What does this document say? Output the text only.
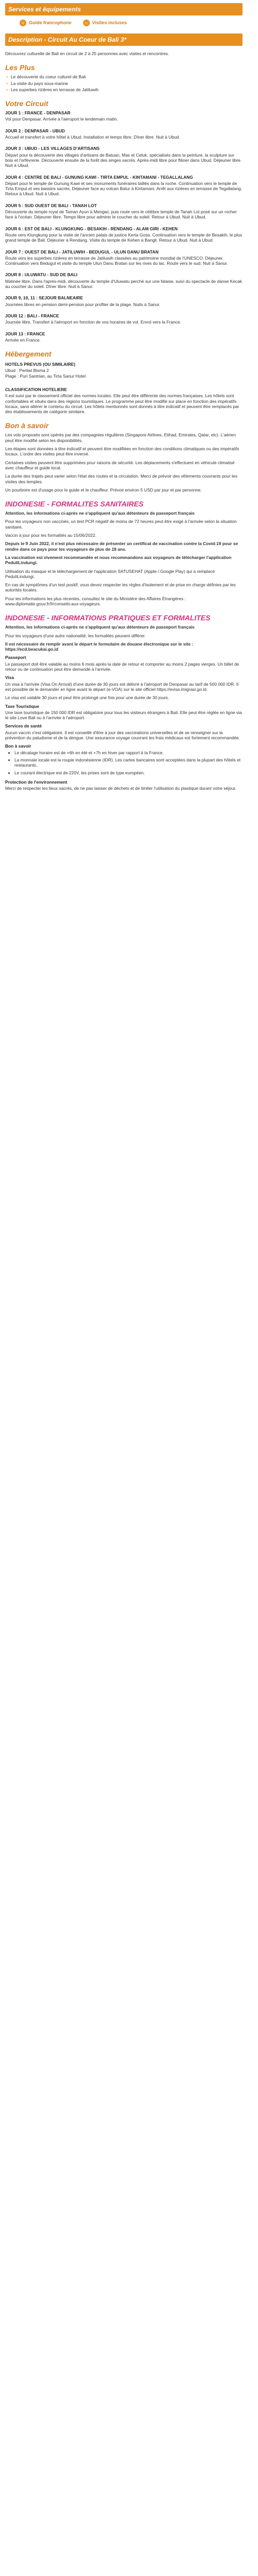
Services et équipements
☺ Guide francophone	⌂ Visites incluses
Description - Circuit Au Coeur de Bali 3*

Découvrez culturelle de Bali en circuit de 2 à 25 personnes avec visites et rencontres.

Les Plus
• Le découverte du coeur culturel de Bali
• La visite du pays sous-marine
• Les superbes rizières en terrasse de Jatiluwih
Votre Circuit
JOUR 1 : FRANCE - DENPASAR
Vol pour Denpasar. Arrivée à l'aéroport le lendemain matin.
JOUR 2 : DENPASAR - UBUD
Accueil et transfert à votre hôtel à Ubud. Installation et temps libre. Dîner libre. Nuit à Ubud.
JOUR 3 : UBUD - LES VILLAGES D'ARTISANS
Départ pour la découverte des villages d'artisans de Batuan, Mas et Celuk, spécialisés dans la peinture, la sculpture sur bois et l'orfèvrerie. Découverte ensuite de la forêt des singes sacrés. Après-midi libre pour flâner dans Ubud. Déjeuner libre. Nuit à Ubud.
JOUR 4 : CENTRE DE BALI - GUNUNG KAWI - TIRTA EMPUL - KINTAMANI - TEGALLALANG
Départ pour le temple de Gunung Kawi et ses monuments funéraires taillés dans la roche. Continuation vers le temple de Tirta Empul et ses bassins sacrés. Déjeuner face au volcan Batur à Kintamani. Arrêt aux rizières en terrasse de Tegallalang. Retour à Ubud. Nuit à Ubud.
JOUR 5 : SUD OUEST DE BALI - TANAH LOT
Découverte du temple royal de Taman Ayun à Mengwi, puis route vers le célèbre temple de Tanah Lot posé sur un rocher face à l'océan. Déjeuner libre. Temps libre pour admirer le coucher du soleil. Retour à Ubud. Nuit à Ubud.
JOUR 6 : EST DE BALI - KLUNGKUNG - BESAKIH - RENDANG - ALAM GIRI - KEHEN
Route vers Klungkung pour la visite de l'ancien palais de justice Kerta Gosa. Continuation vers le temple de Besakih, le plus grand temple de Bali. Déjeuner à Rendang. Visite du temple de Kehen à Bangli. Retour à Ubud. Nuit à Ubud.
JOUR 7 : OUEST DE BALI - JATILUWIH - BEDUGUL - ULUN DANU BRATAN
Route vers les superbes rizières en terrasse de Jatiluwih classées au patrimoine mondial de l'UNESCO. Déjeuner. Continuation vers Bedugul et visite du temple Ulun Danu Bratan sur les rives du lac. Route vers le sud. Nuit à Sanur.
JOUR 8 : ULUWATU - SUD DE BALI
Matinée libre. Dans l'après-midi, découverte du temple d'Uluwatu perché sur une falaise, suivi du spectacle de danse Kecak au coucher du soleil. Dîner libre. Nuit à Sanur.
JOUR 9, 10, 11 : SEJOUR BALNEAIRE
Journées libres en pension demi-pension pour profiter de la plage. Nuits à Sanur.
JOUR 12 : BALI - FRANCE
Journée libre. Transfert à l'aéroport en fonction de vos horaires de vol. Envol vers la France.
JOUR 13 : FRANCE
Arrivée en France.
Hébergement
HOTELS PREVUS (OU SIMILAIRE)

Ubud : Pertiwi Bisma 2

Plage : Puri Santrian, au Tirta Sanur Hotel

CLASSIFICATION HOTELIERE

Il est suivi par le classement officiel des normes locales. Elle peut être différente des normes françaises. Les hôtels sont confortables et situés dans des régions touristiques. Le programme peut être modifié sur place en fonction des impératifs locaux, sans altérer le contenu du circuit. Les hôtels mentionnés sont donnés à titre indicatif et peuvent être remplacés par des établissements de catégorie similaire.

Bon à savoir

Les vols proposés sont opérés par des compagnies régulières (Singapore Airlines, Etihad, Emirates, Qatar, etc). L'aérien peut être modifié selon les disponibilités.

Les étapes sont données à titre indicatif et peuvent être modifiées en fonction des conditions climatiques ou des impératifs locaux. L'ordre des visites peut être inversé.

Certaines visites peuvent être supprimées pour raisons de sécurité. Les déplacements s'effectuent en véhicule climatisé avec chauffeur et guide local.

La durée des trajets peut varier selon l'état des routes et la circulation. Merci de prévoir des vêtements couvrants pour les visites des temples.

Un pourboire est d'usage pour le guide et le chauffeur. Prévoir environ 5 USD par jour et par personne.

INDONESIE - FORMALITES SANITAIRES

Attention, les informations ci-après ne s'appliquent qu'aux détenteurs de passeport français

Pour les voyageurs non vaccinés, un test PCR négatif de moins de 72 heures peut être exigé à l'arrivée selon la situation sanitaire.

Vaccin à jour pour les formalités au 15/06/2022.

Depuis le 9 Juin 2022, il n'est plus nécessaire de présenter un certificat de vaccination contre la Covid-19 pour se rendre dans ce pays pour les voyageurs de plus de 18 ans.

La vaccination est vivement recommandée et nous recommandons aux voyageurs de télécharger l'application PeduliLindungi.

Utilisation du masque et le téléchargement de l'application SATUSEHAT (Apple / Google Play) qui a remplacé PeduliLindungi.

En cas de symptômes d'un test positif, vous devez respecter les règles d'isolement et de prise en charge définies par les autorités locales.

Pour les informations les plus récentes, consultez le site du Ministère des Affaires Étrangères : www.diplomatie.gouv.fr/fr/conseils-aux-voyageurs.

INDONESIE - INFORMATIONS PRATIQUES ET FORMALITES

Attention, les informations ci-après ne s'appliquent qu'aux détenteurs de passeport français

Pour les voyageurs d'une autre nationalité, les formalités peuvent différer.

Il est nécessaire de remplir avant le départ le formulaire de douane électronique sur le site : https://ecd.beacukai.go.id

Passeport

Le passeport doit être valable au moins 6 mois après la date de retour et comporter au moins 2 pages vierges. Un billet de retour ou de continuation peut être demandé à l'arrivée.

Visa

Un visa à l'arrivée (Visa On Arrival) d'une durée de 30 jours est délivré à l'aéroport de Denpasar au tarif de 500 000 IDR. Il est possible de le demander en ligne avant le départ (e-VOA) sur le site officiel https://evisa.imigrasi.go.id.

Le visa est valable 30 jours et peut être prolongé une fois pour une durée de 30 jours.

Taxe Touristique

Une taxe touristique de 150 000 IDR est obligatoire pour tous les visiteurs étrangers à Bali. Elle peut être réglée en ligne via le site Love Bali ou à l'arrivée à l'aéroport.

Services de santé

Aucun vaccin n'est obligatoire. Il est conseillé d'être à jour des vaccinations universelles et de se renseigner sur la prévention du paludisme et de la dengue. Une assurance voyage couvrant les frais médicaux est fortement recommandée.

Bon à savoir
• Le décalage horaire est de +6h en été et +7h en hiver par rapport à la France.
• La monnaie locale est la roupie indonésienne (IDR). Les cartes bancaires sont acceptées dans la plupart des hôtels et restaurants.
• Le courant électrique est de 220V, les prises sont de type européen.
Protection de l'environnement

Merci de respecter les lieux sacrés, de ne pas laisser de déchets et de limiter l'utilisation du plastique durant votre séjour.
